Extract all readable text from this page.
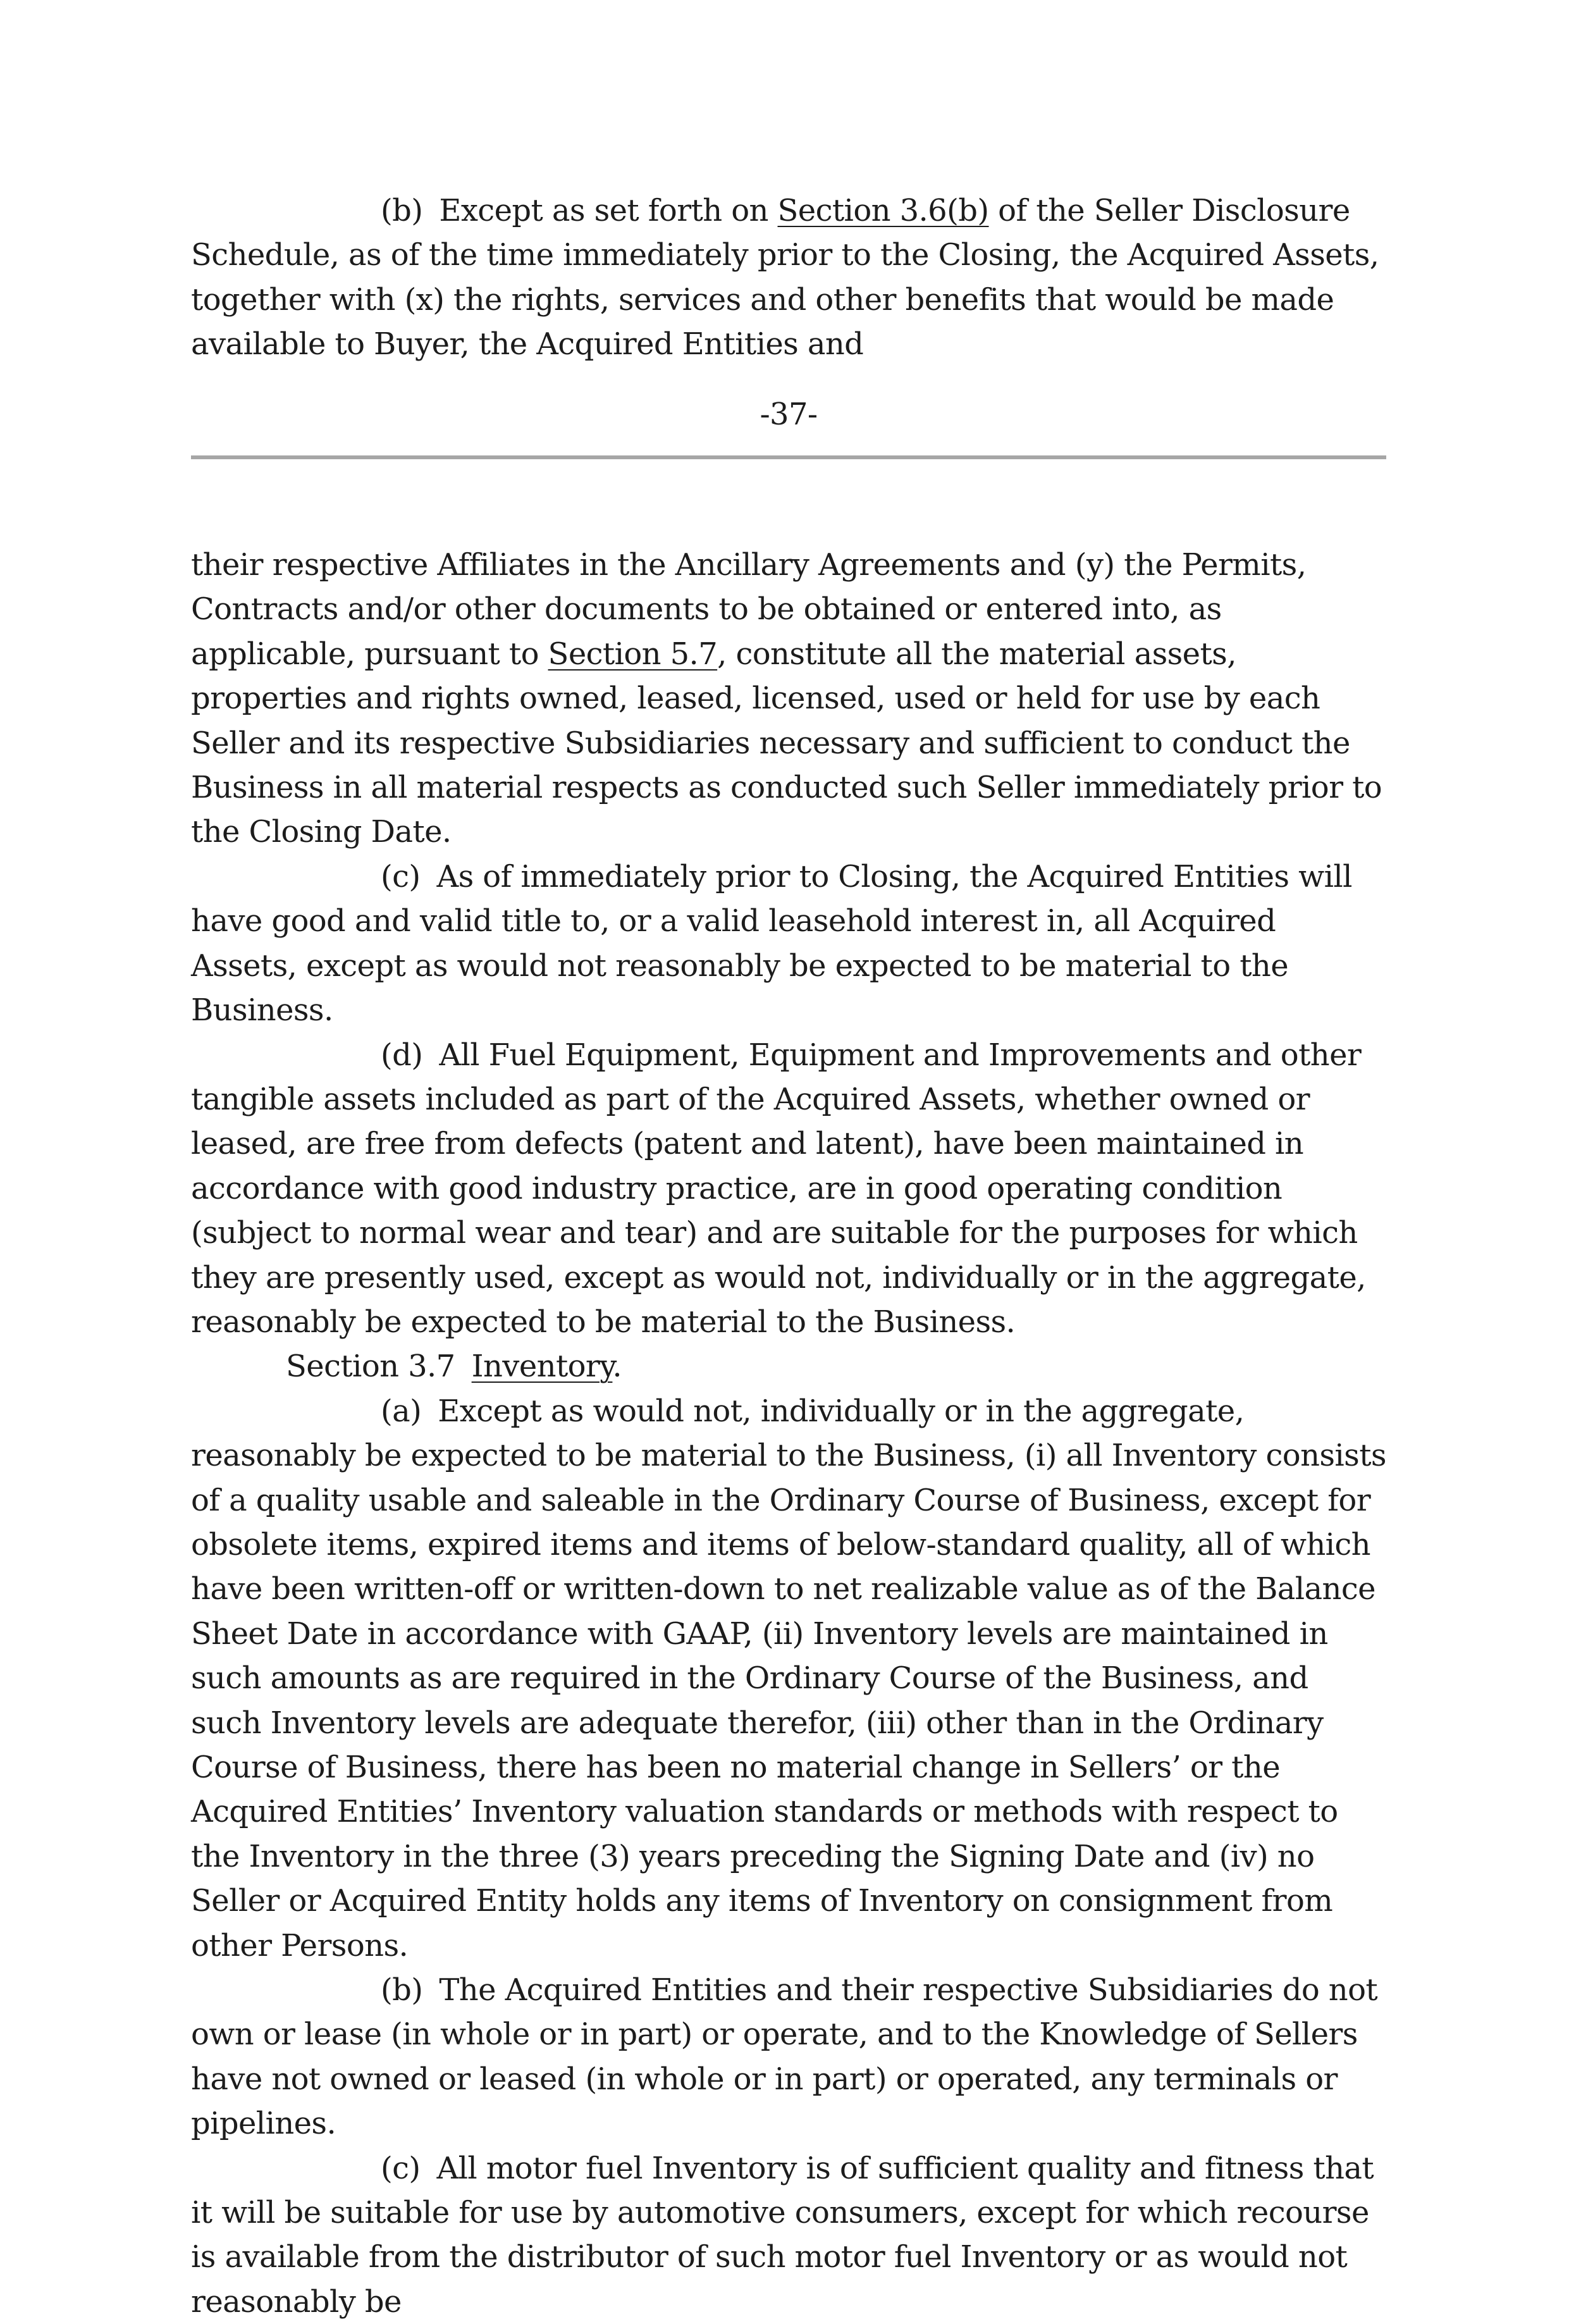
(b) Except as set forth on Section 3.6(b) of the Seller Disclosure Schedule, as of the time immediately prior to the Closing, the Acquired Assets, together with (x) the rights, services and other benefits that would be made available to Buyer, the Acquired Entities and

-37-

their respective Affiliates in the Ancillary Agreements and (y) the Permits, Contracts and/or other documents to be obtained or entered into, as applicable, pursuant to Section 5.7, constitute all the material assets, properties and rights owned, leased, licensed, used or held for use by each Seller and its respective Subsidiaries necessary and sufficient to conduct the Business in all material respects as conducted such Seller immediately prior to the Closing Date.

(c) As of immediately prior to Closing, the Acquired Entities will have good and valid title to, or a valid leasehold interest in, all Acquired Assets, except as would not reasonably be expected to be material to the Business.

(d) All Fuel Equipment, Equipment and Improvements and other tangible assets included as part of the Acquired Assets, whether owned or leased, are free from defects (patent and latent), have been maintained in accordance with good industry practice, are in good operating condition (subject to normal wear and tear) and are suitable for the purposes for which they are presently used, except as would not, individually or in the aggregate, reasonably be expected to be material to the Business.

Section 3.7 Inventory.

(a) Except as would not, individually or in the aggregate, reasonably be expected to be material to the Business, (i) all Inventory consists of a quality usable and saleable in the Ordinary Course of Business, except for obsolete items, expired items and items of below-standard quality, all of which have been written-off or written-down to net realizable value as of the Balance Sheet Date in accordance with GAAP, (ii) Inventory levels are maintained in such amounts as are required in the Ordinary Course of the Business, and such Inventory levels are adequate therefor, (iii) other than in the Ordinary Course of Business, there has been no material change in Sellers’ or the Acquired Entities’ Inventory valuation standards or methods with respect to the Inventory in the three (3) years preceding the Signing Date and (iv) no Seller or Acquired Entity holds any items of Inventory on consignment from other Persons.

(b) The Acquired Entities and their respective Subsidiaries do not own or lease (in whole or in part) or operate, and to the Knowledge of Sellers have not owned or leased (in whole or in part) or operated, any terminals or pipelines.

(c) All motor fuel Inventory is of sufficient quality and fitness that it will be suitable for use by automotive consumers, except for which recourse is available from the distributor of such motor fuel Inventory or as would not reasonably be
